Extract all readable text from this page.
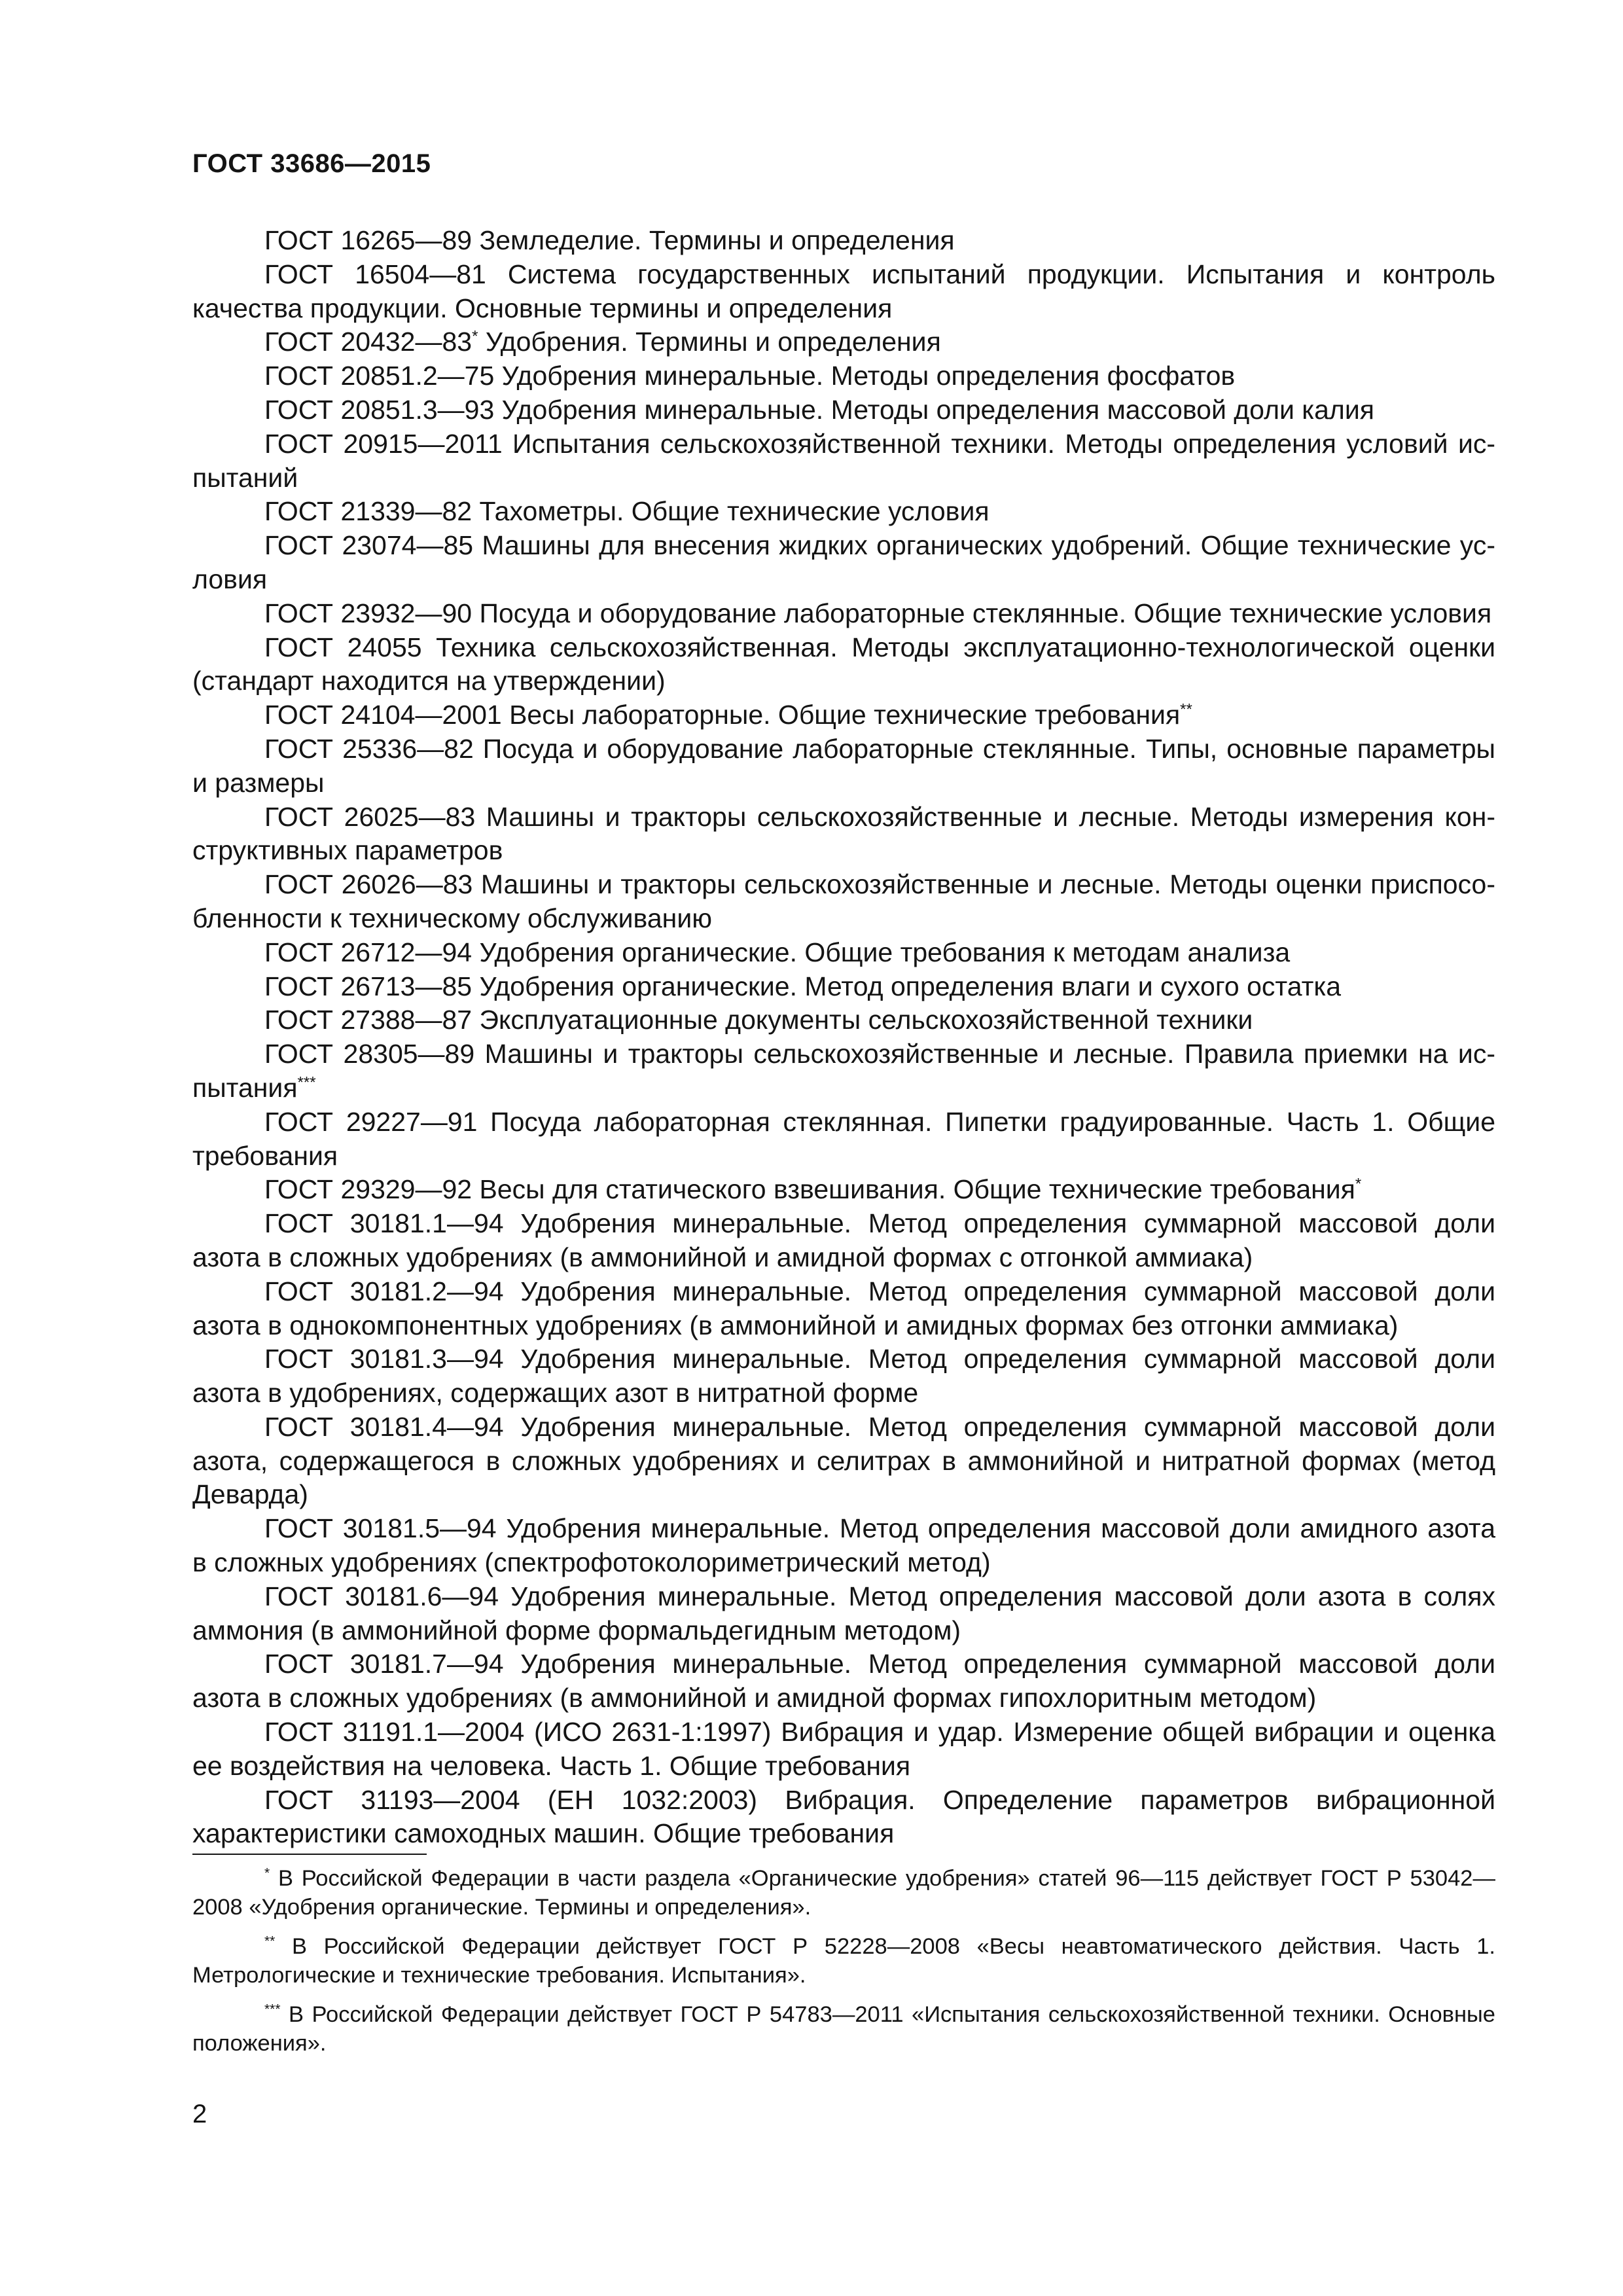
ГОСТ 33686—2015

ГОСТ 16265—89 Земледелие. Термины и определения

ГОСТ 16504—81 Система государственных испытаний продукции. Испытания и контроль качества продукции. Основные термины и определения

ГОСТ 20432—83* Удобрения. Термины и определения

ГОСТ 20851.2—75 Удобрения минеральные. Методы определения фосфатов

ГОСТ 20851.3—93 Удобрения минеральные. Методы определения массовой доли калия

ГОСТ 20915—2011 Испытания сельскохозяйственной техники. Методы определения условий испытаний

ГОСТ 21339—82 Тахометры. Общие технические условия

ГОСТ 23074—85 Машины для внесения жидких органических удобрений. Общие технические условия

ГОСТ 23932—90 Посуда и оборудование лабораторные стеклянные. Общие технические условия

ГОСТ 24055 Техника сельскохозяйственная. Методы эксплуатационно-технологической оценки (стандарт находится на утверждении)

ГОСТ 24104—2001 Весы лабораторные. Общие технические требования**

ГОСТ 25336—82 Посуда и оборудование лабораторные стеклянные. Типы, основные параметры и размеры

ГОСТ 26025—83 Машины и тракторы сельскохозяйственные и лесные. Методы измерения конструктивных параметров

ГОСТ 26026—83 Машины и тракторы сельскохозяйственные и лесные. Методы оценки приспособленности к техническому обслуживанию

ГОСТ 26712—94 Удобрения органические. Общие требования к методам анализа

ГОСТ 26713—85 Удобрения органические. Метод определения влаги и сухого остатка

ГОСТ 27388—87 Эксплуатационные документы сельскохозяйственной техники

ГОСТ 28305—89 Машины и тракторы сельскохозяйственные и лесные. Правила приемки на испытания***

ГОСТ 29227—91 Посуда лабораторная стеклянная. Пипетки градуированные. Часть 1. Общие требования

ГОСТ 29329—92 Весы для статического взвешивания. Общие технические требования*

ГОСТ 30181.1—94 Удобрения минеральные. Метод определения суммарной массовой доли азота в сложных удобрениях (в аммонийной и амидной формах с отгонкой аммиака)

ГОСТ 30181.2—94 Удобрения минеральные. Метод определения суммарной массовой доли азота в однокомпонентных удобрениях (в аммонийной и амидных формах без отгонки аммиака)

ГОСТ 30181.3—94 Удобрения минеральные. Метод определения суммарной массовой доли азота в удобрениях, содержащих азот в нитратной форме

ГОСТ 30181.4—94 Удобрения минеральные. Метод определения суммарной массовой доли азота, содержащегося в сложных удобрениях и селитрах в аммонийной и нитратной формах (метод Деварда)

ГОСТ 30181.5—94 Удобрения минеральные. Метод определения массовой доли амидного азота в сложных удобрениях (спектрофотоколориметрический метод)

ГОСТ 30181.6—94 Удобрения минеральные. Метод определения массовой доли азота в солях аммония (в аммонийной форме формальдегидным методом)

ГОСТ 30181.7—94 Удобрения минеральные. Метод определения суммарной массовой доли азота в сложных удобрениях (в аммонийной и амидной формах гипохлоритным методом)

ГОСТ 31191.1—2004 (ИСО 2631-1:1997) Вибрация и удар. Измерение общей вибрации и оценка ее воздействия на человека. Часть 1. Общие требования

ГОСТ 31193—2004 (ЕН 1032:2003) Вибрация. Определение параметров вибрационной характеристики самоходных машин. Общие требования

* В Российской Федерации в части раздела «Органические удобрения» статей 96—115 действует ГОСТ Р 53042—2008 «Удобрения органические. Термины и определения».

** В Российской Федерации действует ГОСТ Р 52228—2008 «Весы неавтоматического действия. Часть 1. Метрологические и технические требования. Испытания».

*** В Российской Федерации действует ГОСТ Р 54783—2011 «Испытания сельскохозяйственной техники. Основные положения».

2
